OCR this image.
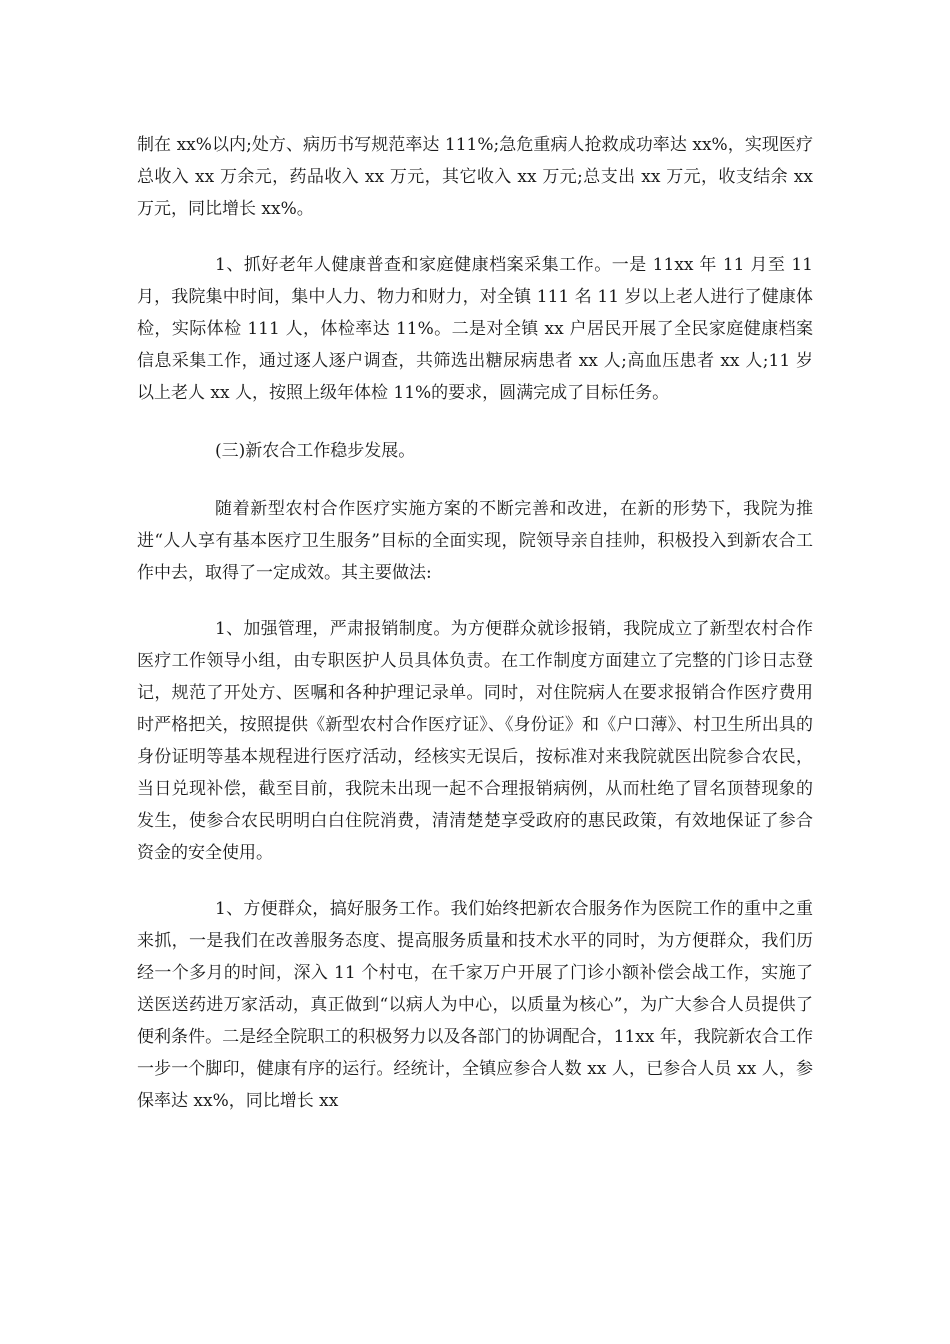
制在 xx%以内;处方、病历书写规范率达 111%;急危重病人抢救成功率达 xx%，实现医疗总收入 xx 万余元，药品收入 xx 万元，其它收入 xx 万元;总支出 xx 万元，收支结余 xx 万元，同比增长 xx%。

1、抓好老年人健康普查和家庭健康档案采集工作。一是 11xx 年 11 月至 11 月，我院集中时间，集中人力、物力和财力，对全镇 111 名 11 岁以上老人进行了健康体检，实际体检 111 人，体检率达 11%。二是对全镇 xx 户居民开展了全民家庭健康档案信息采集工作，通过逐人逐户调查，共筛选出糖尿病患者 xx 人;高血压患者 xx 人;11 岁以上老人 xx 人，按照上级年体检 11%的要求，圆满完成了目标任务。

(三)新农合工作稳步发展。

随着新型农村合作医疗实施方案的不断完善和改进，在新的形势下，我院为推进“人人享有基本医疗卫生服务”目标的全面实现，院领导亲自挂帅，积极投入到新农合工作中去，取得了一定成效。其主要做法:

1、加强管理，严肃报销制度。为方便群众就诊报销，我院成立了新型农村合作医疗工作领导小组，由专职医护人员具体负责。在工作制度方面建立了完整的门诊日志登记，规范了开处方、医嘱和各种护理记录单。同时，对住院病人在要求报销合作医疗费用时严格把关，按照提供《新型农村合作医疗证》、《身份证》和《户口薄》、村卫生所出具的身份证明等基本规程进行医疗活动，经核实无误后，按标准对来我院就医出院参合农民，当日兑现补偿，截至目前，我院未出现一起不合理报销病例，从而杜绝了冒名顶替现象的发生，使参合农民明明白白住院消费，清清楚楚享受政府的惠民政策，有效地保证了参合资金的安全使用。

1、方便群众，搞好服务工作。我们始终把新农合服务作为医院工作的重中之重来抓，一是我们在改善服务态度、提高服务质量和技术水平的同时，为方便群众，我们历经一个多月的时间，深入 11 个村屯，在千家万户开展了门诊小额补偿会战工作，实施了送医送药进万家活动，真正做到“以病人为中心，以质量为核心”，为广大参合人员提供了便利条件。二是经全院职工的积极努力以及各部门的协调配合，11xx 年，我院新农合工作一步一个脚印，健康有序的运行。经统计，全镇应参合人数 xx 人，已参合人员 xx 人，参保率达 xx%，同比增长 xx
